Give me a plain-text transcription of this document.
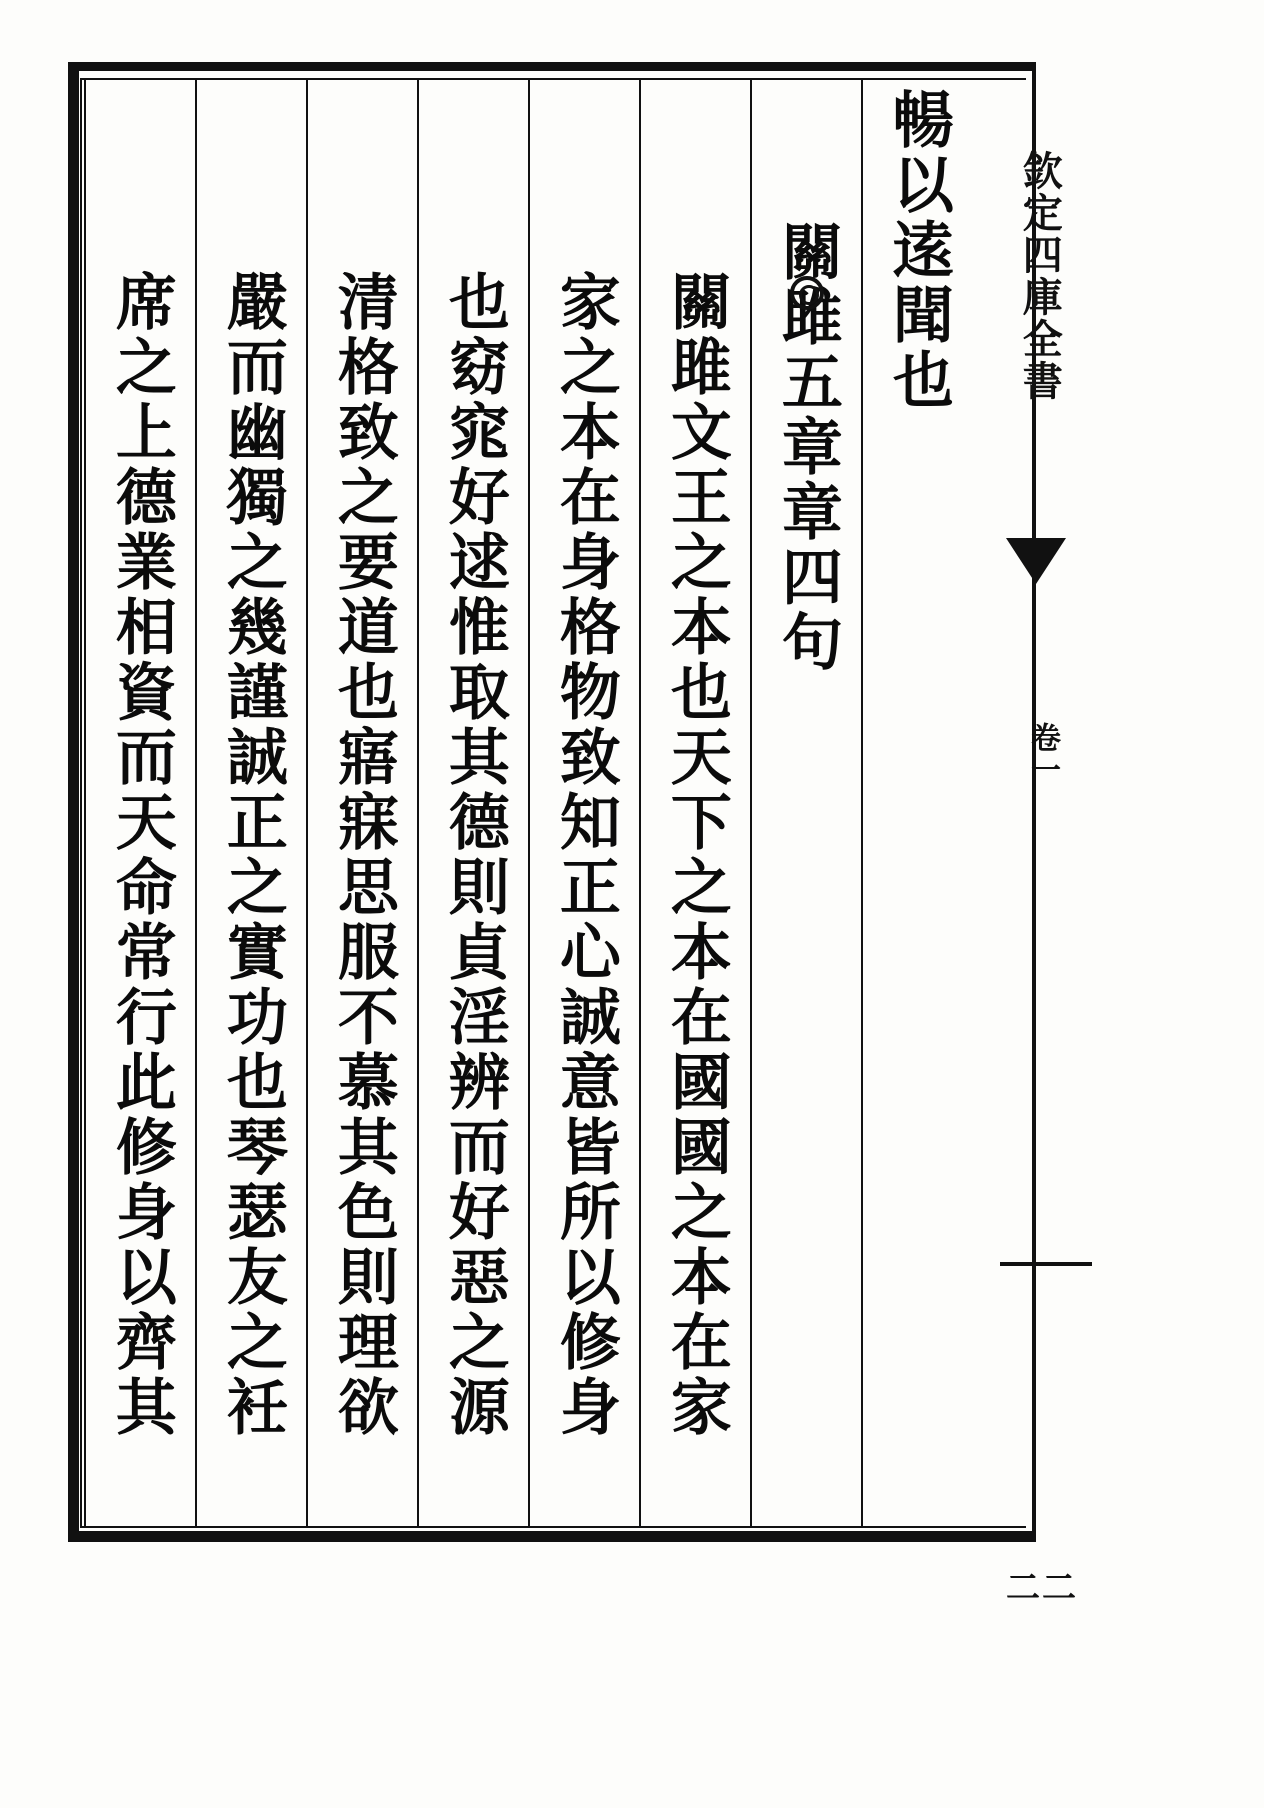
暢以逺聞也
關雎五章章四句
關雎文王之本也天下之本在國國之本在家
家之本在身格物致知正心誠意皆所以修身
也窈窕好逑惟取其德則貞淫辨而好惡之源
清格致之要道也寤寐思服不慕其色則理欲
嚴而幽獨之幾謹誠正之實功也琴瑟友之衽
席之上德業相資而天命常行此修身以齊其	欽定四庫全書
卷一
二二
